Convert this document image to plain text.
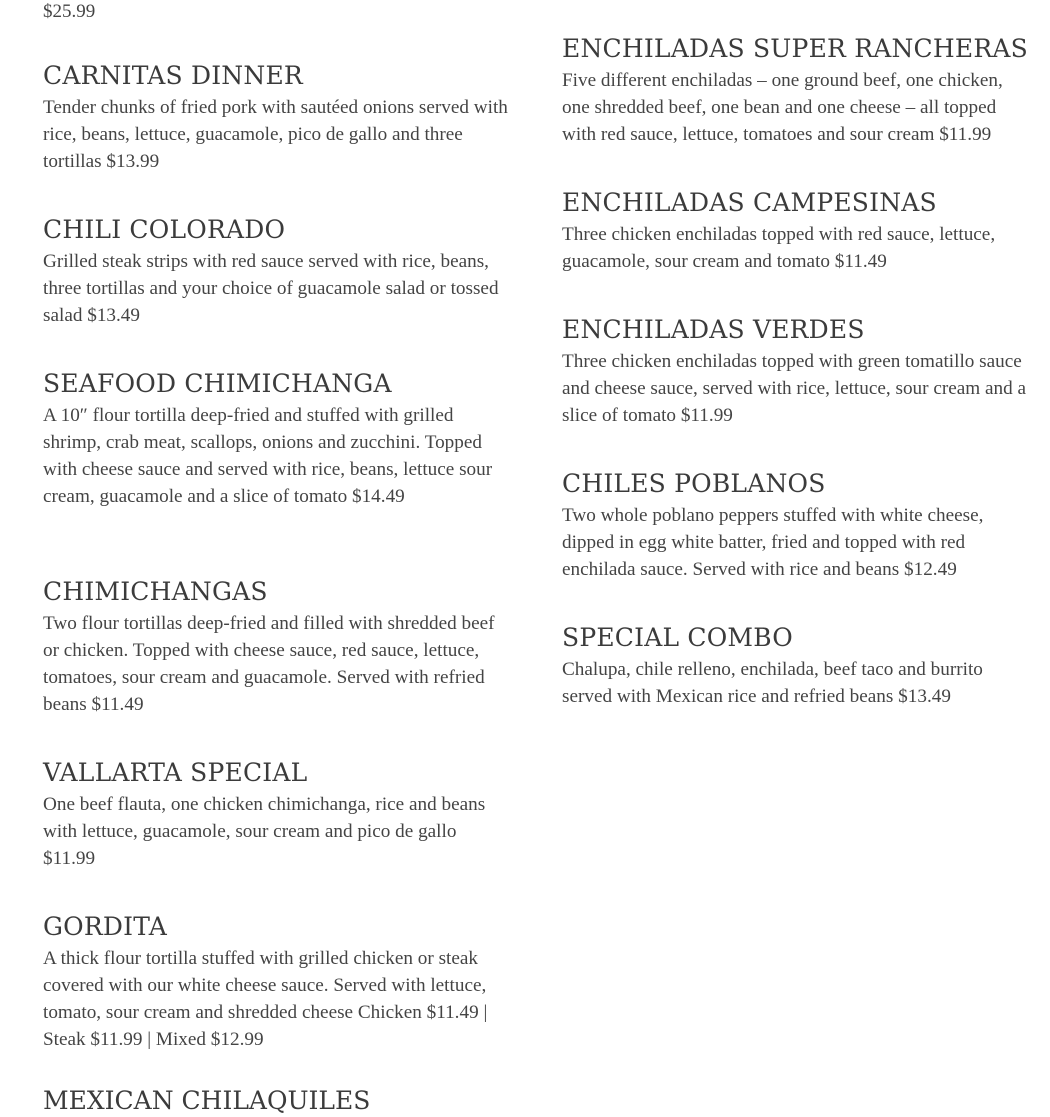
$25.99
CARNITAS DINNER

Tender chunks of fried pork with sautéed onions served with rice, beans, lettuce, guacamole, pico de gallo and three tortillas $13.99

CHILI COLORADO

Grilled steak strips with red sauce served with rice, beans, three tortillas and your choice of guacamole salad or tossed salad $13.49

SEAFOOD CHIMICHANGA

A 10″ flour tortilla deep-fried and stuffed with grilled shrimp, crab meat, scallops, onions and zucchini. Topped with cheese sauce and served with rice, beans, lettuce sour cream, guacamole and a slice of tomato $14.49

CHIMICHANGAS

Two flour tortillas deep-fried and filled with shredded beef or chicken. Topped with cheese sauce, red sauce, lettuce, tomatoes, sour cream and guacamole. Served with refried beans $11.49

VALLARTA SPECIAL

One beef flauta, one chicken chimichanga, rice and beans with lettuce, guacamole, sour cream and pico de gallo $11.99

GORDITA

A thick flour tortilla stuffed with grilled chicken or steak covered with our white cheese sauce. Served with lettuce, tomato, sour cream and shredded cheese Chicken $11.49 | Steak $11.99 | Mixed $12.99

MEXICAN CHILAQUILES
ENCHILADAS SUPER RANCHERAS

Five different enchiladas – one ground beef, one chicken, one shredded beef, one bean and one cheese – all topped with red sauce, lettuce, tomatoes and sour cream $11.99

ENCHILADAS CAMPESINAS

Three chicken enchiladas topped with red sauce, lettuce, guacamole, sour cream and tomato $11.49

ENCHILADAS VERDES

Three chicken enchiladas topped with green tomatillo sauce and cheese sauce, served with rice, lettuce, sour cream and a slice of tomato $11.99

CHILES POBLANOS

Two whole poblano peppers stuffed with white cheese, dipped in egg white batter, fried and topped with red enchilada sauce. Served with rice and beans $12.49

SPECIAL COMBO

Chalupa, chile relleno, enchilada, beef taco and burrito served with Mexican rice and refried beans $13.49
